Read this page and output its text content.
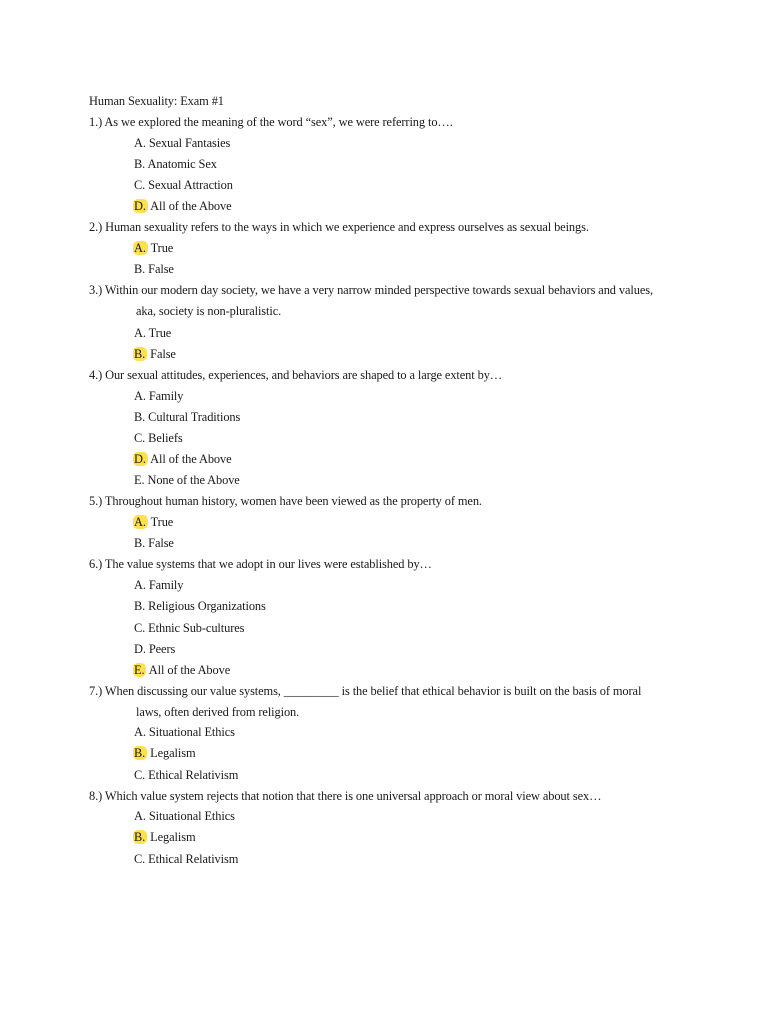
Human Sexuality: Exam #1
1.) As we explored the meaning of the word “sex”, we were referring to….
A. Sexual Fantasies
B. Anatomic Sex
C. Sexual Attraction
D. All of the Above
2.) Human sexuality refers to the ways in which we experience and express ourselves as sexual beings.
A. True
B. False
3.) Within our modern day society, we have a very narrow minded perspective towards sexual behaviors and values,
aka, society is non-pluralistic.
A. True
B. False
4.) Our sexual attitudes, experiences, and behaviors are shaped to a large extent by…
A. Family
B. Cultural Traditions
C. Beliefs
D. All of the Above
E. None of the Above
5.) Throughout human history, women have been viewed as the property of men.
A. True
B. False
6.) The value systems that we adopt in our lives were established by…
A. Family
B. Religious Organizations
C. Ethnic Sub-cultures
D. Peers
E. All of the Above
7.) When discussing our value systems, _________ is the belief that ethical behavior is built on the basis of moral
laws, often derived from religion.
A. Situational Ethics
B. Legalism
C. Ethical Relativism
8.) Which value system rejects that notion that there is one universal approach or moral view about sex…
A. Situational Ethics
B. Legalism
C. Ethical Relativism
